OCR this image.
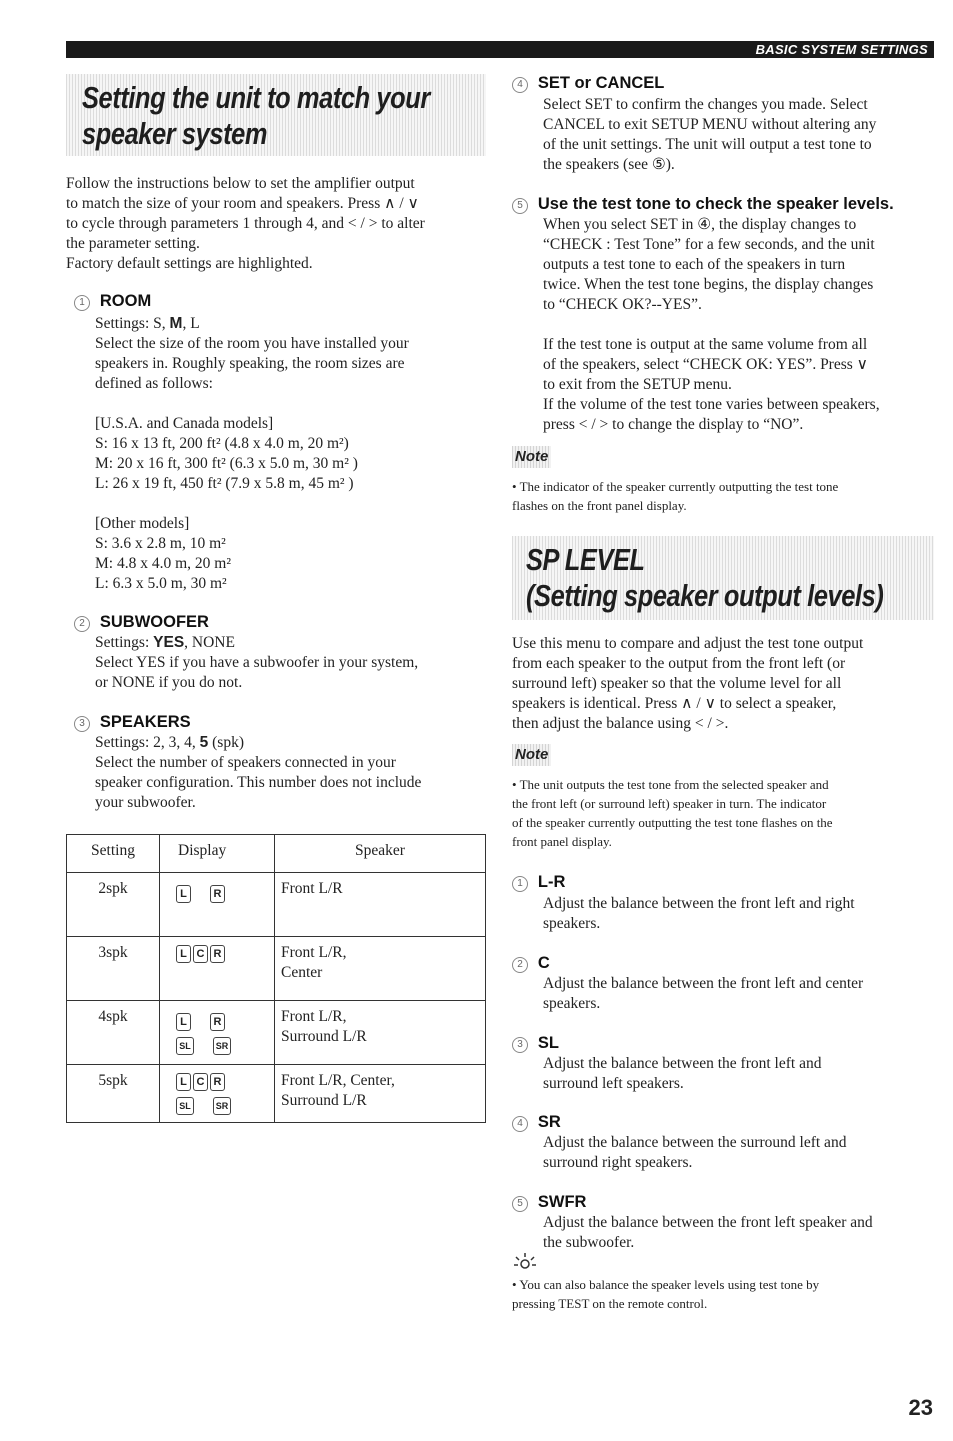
BASIC SYSTEM SETTINGS
Setting the unit to match your
speaker system
Follow the instructions below to set the amplifier output
to match the size of your room and speakers. Press ∧ / ∨
to cycle through parameters 1 through 4, and < / > to alter
the parameter setting.
Factory default settings are highlighted.
1 ROOM
Settings: S, M, L
Select the size of the room you have installed your
speakers in. Roughly speaking, the room sizes are
defined as follows:
[U.S.A. and Canada models]
S: 16 x 13 ft, 200 ft² (4.8 x 4.0 m, 20 m²)
M: 20 x 16 ft, 300 ft² (6.3 x 5.0 m, 30 m² )
L: 26 x 19 ft, 450 ft² (7.9 x 5.8 m, 45 m² )
[Other models]
S: 3.6 x 2.8 m, 10 m²
M: 4.8 x 4.0 m, 20 m²
L: 6.3 x 5.0 m, 30 m²
2 SUBWOOFER
Settings: YES, NONE
Select YES if you have a subwoofer in your system,
or NONE if you do not.
3 SPEAKERS
Settings: 2, 3, 4, 5 (spk)
Select the number of speakers connected in your
speaker configuration. This number does not include
your subwoofer.
Setting	Display	Speaker
2spk	L R	Front L/R
3spk	L C R	Front L/R,
Center
4spk	L R
SL SR	Front L/R,
Surround L/R
5spk	L C R
SL SR	Front L/R, Center,
Surround L/R
4 SET or CANCEL
Select SET to confirm the changes you made. Select
CANCEL to exit SETUP MENU without altering any
of the unit settings. The unit will output a test tone to
the speakers (see ⑤).
5 Use the test tone to check the speaker levels.
When you select SET in ④, the display changes to
“CHECK : Test Tone” for a few seconds, and the unit
outputs a test tone to each of the speakers in turn
twice. When the test tone begins, the display changes
to “CHECK OK?--YES”.
If the test tone is output at the same volume from all
of the speakers, select “CHECK OK: YES”. Press ∨
to exit from the SETUP menu.
If the volume of the test tone varies between speakers,
press < / > to change the display to “NO”.
Note
• The indicator of the speaker currently outputting the test tone
flashes on the front panel display.
SP LEVEL
(Setting speaker output levels)
Use this menu to compare and adjust the test tone output
from each speaker to the output from the front left (or
surround left) speaker so that the volume level for all
speakers is identical. Press ∧ / ∨ to select a speaker,
then adjust the balance using < / >.
Note
• The unit outputs the test tone from the selected speaker and
the front left (or surround left) speaker in turn. The indicator
of the speaker currently outputting the test tone flashes on the
front panel display.
1 L-R
Adjust the balance between the front left and right
speakers.
2 C
Adjust the balance between the front left and center
speakers.
3 SL
Adjust the balance between the front left and
surround left speakers.
4 SR
Adjust the balance between the surround left and
surround right speakers.
5 SWFR
Adjust the balance between the front left speaker and
the subwoofer.
• You can also balance the speaker levels using test tone by
pressing TEST on the remote control.
23
